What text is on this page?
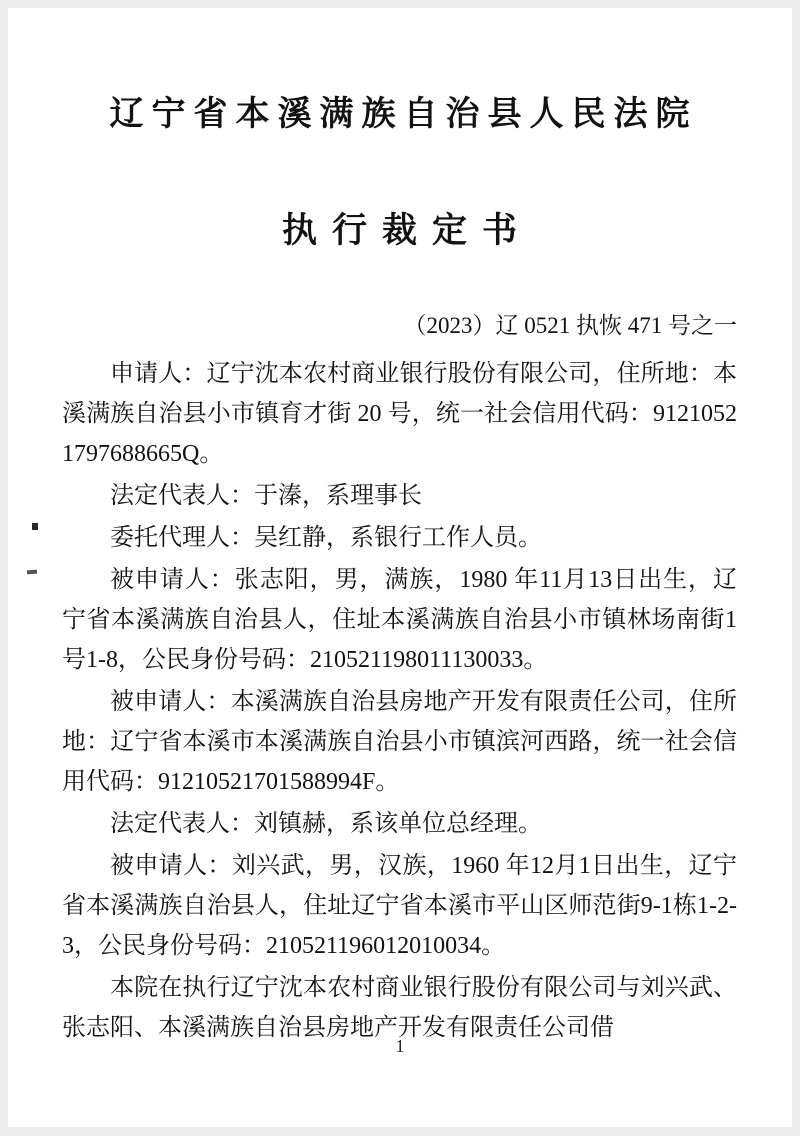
辽宁省本溪满族自治县人民法院
执行裁定书
（2023）辽 0521 执恢 471 号之一

申请人：辽宁沈本农村商业银行股份有限公司，住所地：本溪满族自治县小市镇育才街 20 号，统一社会信用代码：91210521797688665Q。

法定代表人：于溱，系理事长

委托代理人：吴红静，系银行工作人员。

被申请人：张志阳，男，满族，1980 年11月13日出生，辽宁省本溪满族自治县人，住址本溪满族自治县小市镇林场南街1号1-8，公民身份号码：210521198011130033。

被申请人：本溪满族自治县房地产开发有限责任公司，住所地：辽宁省本溪市本溪满族自治县小市镇滨河西路，统一社会信用代码：91210521701588994F。

法定代表人：刘镇赫，系该单位总经理。

被申请人：刘兴武，男，汉族，1960 年12月1日出生，辽宁省本溪满族自治县人，住址辽宁省本溪市平山区师范街9-1栋1-2-3，公民身份号码：210521196012010034。

本院在执行辽宁沈本农村商业银行股份有限公司与刘兴武、张志阳、本溪满族自治县房地产开发有限责任公司借

1
